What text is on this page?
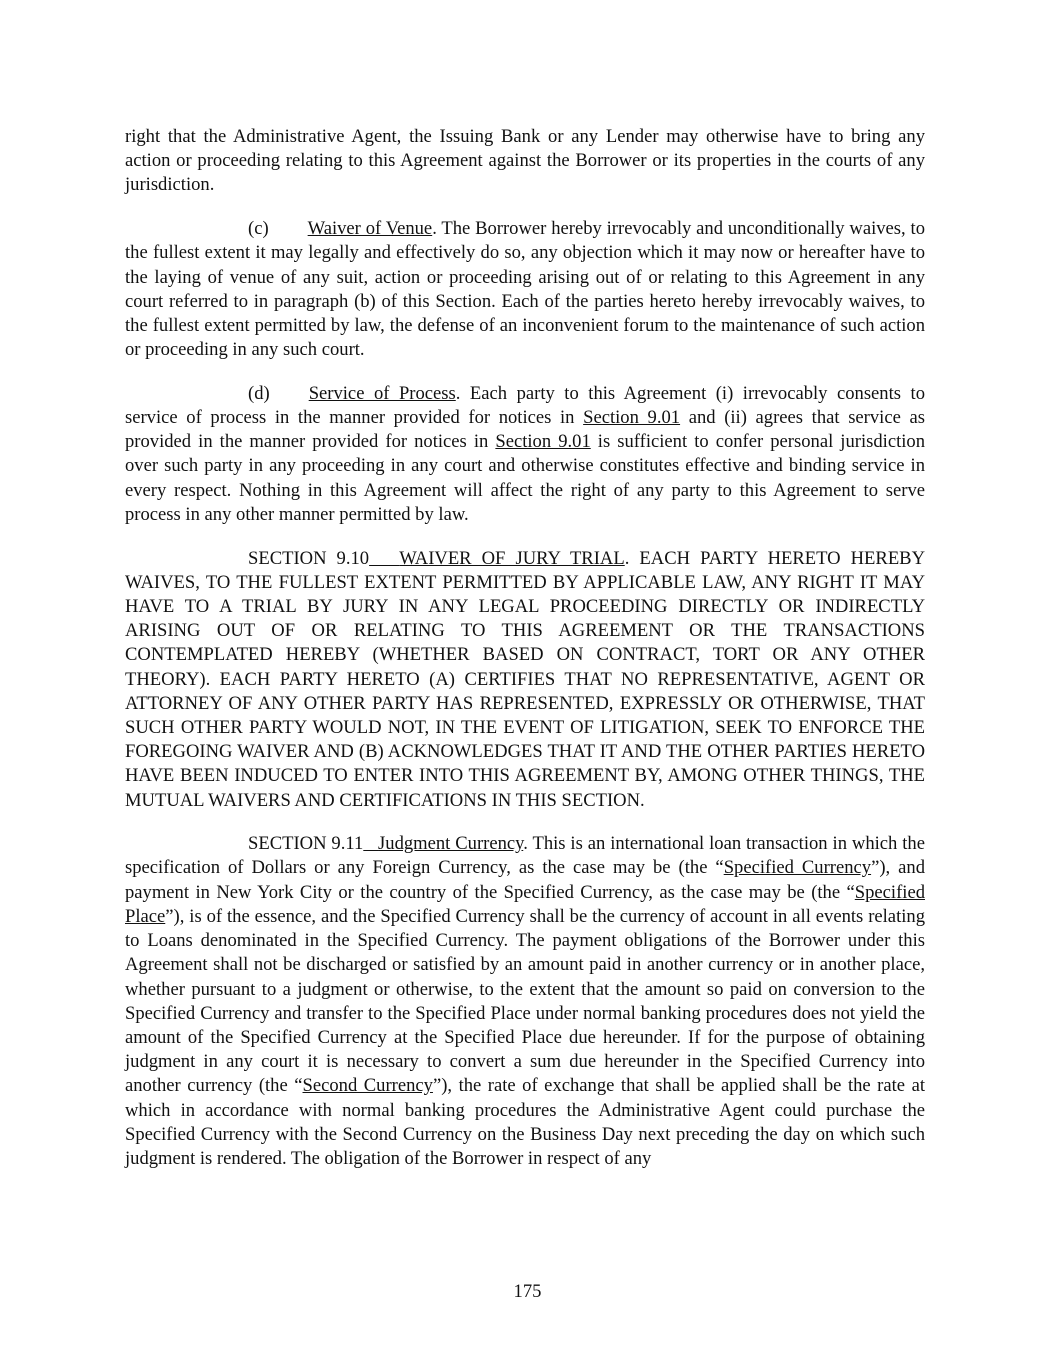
right that the Administrative Agent, the Issuing Bank or any Lender may otherwise have to bring any action or proceeding relating to this Agreement against the Borrower or its properties in the courts of any jurisdiction.

(c) Waiver of Venue. The Borrower hereby irrevocably and unconditionally waives, to the fullest extent it may legally and effectively do so, any objection which it may now or hereafter have to the laying of venue of any suit, action or proceeding arising out of or relating to this Agreement in any court referred to in paragraph (b) of this Section. Each of the parties hereto hereby irrevocably waives, to the fullest extent permitted by law, the defense of an inconvenient forum to the maintenance of such action or proceeding in any such court.

(d) Service of Process. Each party to this Agreement (i) irrevocably consents to service of process in the manner provided for notices in Section 9.01 and (ii) agrees that service as provided in the manner provided for notices in Section 9.01 is sufficient to confer personal jurisdiction over such party in any proceeding in any court and otherwise constitutes effective and binding service in every respect. Nothing in this Agreement will affect the right of any party to this Agreement to serve process in any other manner permitted by law.

SECTION 9.10 WAIVER OF JURY TRIAL. EACH PARTY HERETO HEREBY WAIVES, TO THE FULLEST EXTENT PERMITTED BY APPLICABLE LAW, ANY RIGHT IT MAY HAVE TO A TRIAL BY JURY IN ANY LEGAL PROCEEDING DIRECTLY OR INDIRECTLY ARISING OUT OF OR RELATING TO THIS AGREEMENT OR THE TRANSACTIONS CONTEMPLATED HEREBY (WHETHER BASED ON CONTRACT, TORT OR ANY OTHER THEORY). EACH PARTY HERETO (A) CERTIFIES THAT NO REPRESENTATIVE, AGENT OR ATTORNEY OF ANY OTHER PARTY HAS REPRESENTED, EXPRESSLY OR OTHERWISE, THAT SUCH OTHER PARTY WOULD NOT, IN THE EVENT OF LITIGATION, SEEK TO ENFORCE THE FOREGOING WAIVER AND (B) ACKNOWLEDGES THAT IT AND THE OTHER PARTIES HERETO HAVE BEEN INDUCED TO ENTER INTO THIS AGREEMENT BY, AMONG OTHER THINGS, THE MUTUAL WAIVERS AND CERTIFICATIONS IN THIS SECTION.

SECTION 9.11 Judgment Currency. This is an international loan transaction in which the specification of Dollars or any Foreign Currency, as the case may be (the “Specified Currency”), and payment in New York City or the country of the Specified Currency, as the case may be (the “Specified Place”), is of the essence, and the Specified Currency shall be the currency of account in all events relating to Loans denominated in the Specified Currency. The payment obligations of the Borrower under this Agreement shall not be discharged or satisfied by an amount paid in another currency or in another place, whether pursuant to a judgment or otherwise, to the extent that the amount so paid on conversion to the Specified Currency and transfer to the Specified Place under normal banking procedures does not yield the amount of the Specified Currency at the Specified Place due hereunder. If for the purpose of obtaining judgment in any court it is necessary to convert a sum due hereunder in the Specified Currency into another currency (the “Second Currency”), the rate of exchange that shall be applied shall be the rate at which in accordance with normal banking procedures the Administrative Agent could purchase the Specified Currency with the Second Currency on the Business Day next preceding the day on which such judgment is rendered. The obligation of the Borrower in respect of any

175
